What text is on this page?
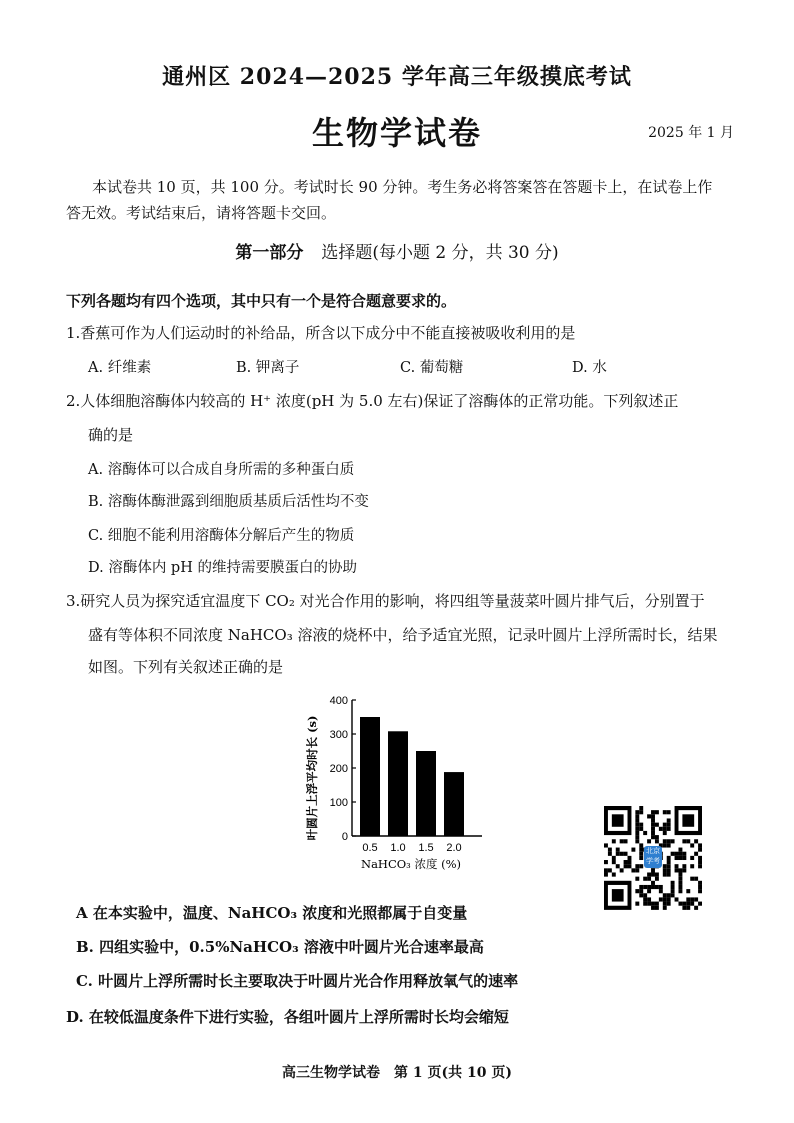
通州区 2024—2025 学年高三年级摸底考试
生物学试卷	2025 年 1 月
本试卷共 10 页，共 100 分。考试时长 90 分钟。考生务必将答案答在答题卡上，在试卷上作
答无效。考试结束后，请将答题卡交回。
第一部分 选择题(每小题 2 分，共 30 分)
下列各题均有四个选项，其中只有一个是符合题意要求的。
1.香蕉可作为人们运动时的补给品，所含以下成分中不能直接被吸收利用的是
A. 纤维素	B. 钾离子	C. 葡萄糖	D. 水
2.人体细胞溶酶体内较高的 H⁺ 浓度(pH 为 5.0 左右)保证了溶酶体的正常功能。下列叙述正
确的是
A. 溶酶体可以合成自身所需的多种蛋白质
B. 溶酶体酶泄露到细胞质基质后活性均不变
C. 细胞不能利用溶酶体分解后产生的物质
D. 溶酶体内 pH 的维持需要膜蛋白的协助
3.研究人员为探究适宜温度下 CO₂ 对光合作用的影响，将四组等量菠菜叶圆片排气后，分别置于
盛有等体积不同浓度 NaHCO₃ 溶液的烧杯中，给予适宜光照，记录叶圆片上浮所需时长，结果
如图。下列有关叙述正确的是
0
100
200
300
400
0.5 1.0 1.5 2.0
NaHCO₃ 浓度 (%)
叶圆片上浮平均时长 (s)
北京学考
A 在本实验中，温度、NaHCO₃ 浓度和光照都属于自变量
B. 四组实验中，0.5%NaHCO₃ 溶液中叶圆片光合速率最高
C. 叶圆片上浮所需时长主要取决于叶圆片光合作用释放氧气的速率
D. 在较低温度条件下进行实验，各组叶圆片上浮所需时长均会缩短
高三生物学试卷　第 1 页(共 10 页)
